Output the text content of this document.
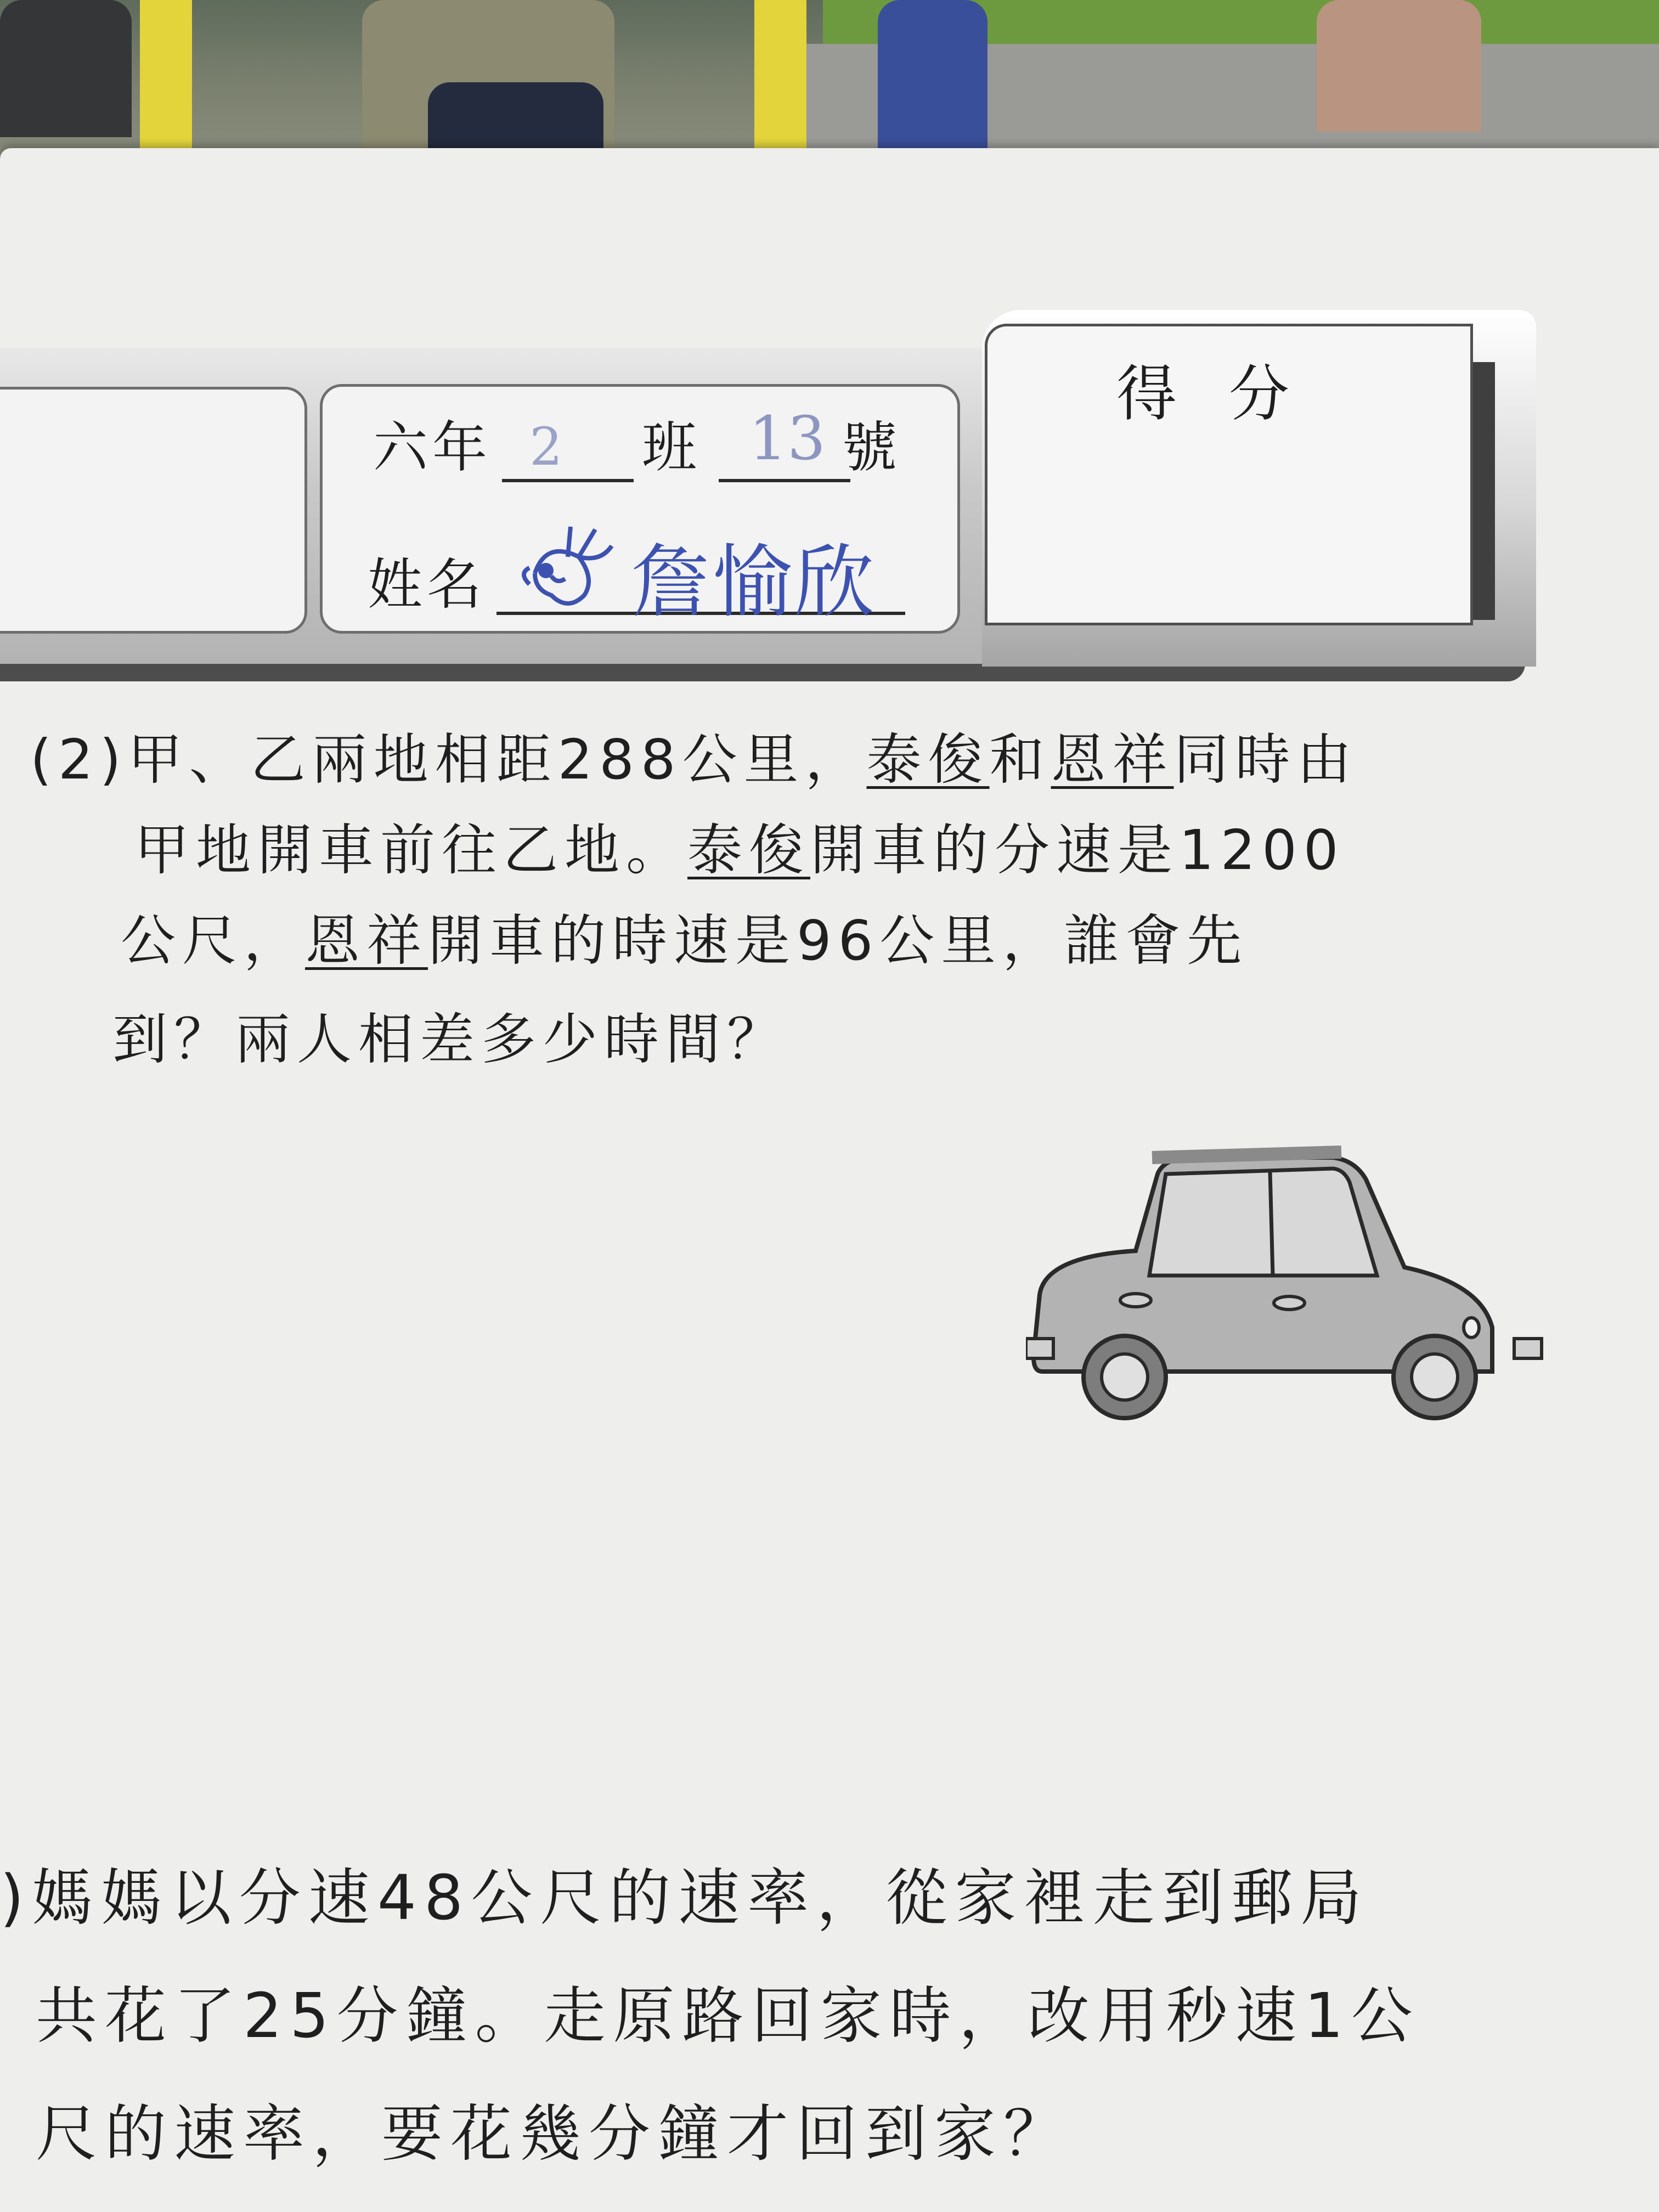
六年 2 班 13 號
姓名 詹愉欣
得 分
(2)甲、乙兩地相距288公里，泰俊和恩祥同時由
甲地開車前往乙地。泰俊開車的分速是1200
公尺，恩祥開車的時速是96公里，誰會先
到？兩人相差多少時間？
)媽媽以分速48公尺的速率，從家裡走到郵局
共花了25分鐘。走原路回家時，改用秒速1公
尺的速率，要花幾分鐘才回到家？
